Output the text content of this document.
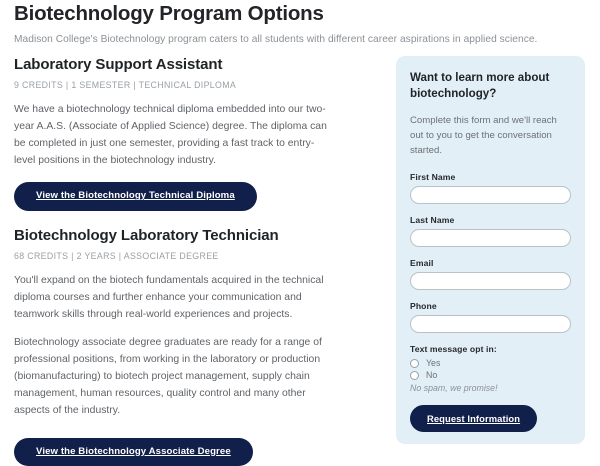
Biotechnology Program Options

Madison College's Biotechnology program caters to all students with different career aspirations in applied science.

Laboratory Support Assistant
9 CREDITS | 1 SEMESTER | TECHNICAL DIPLOMA

We have a biotechnology technical diploma embedded into our two-year A.A.S. (Associate of Applied Science) degree. The diploma can be completed in just one semester, providing a fast track to entry-level positions in the biotechnology industry.

View the Biotechnology Technical Diploma
Biotechnology Laboratory Technician
68 CREDITS | 2 YEARS | ASSOCIATE DEGREE

You'll expand on the biotech fundamentals acquired in the technical diploma courses and further enhance your communication and teamwork skills through real-world experiences and projects.

Biotechnology associate degree graduates are ready for a range of professional positions, from working in the laboratory or production (biomanufacturing) to biotech project management, supply chain management, human resources, quality control and many other aspects of the industry.

View the Biotechnology Associate Degree
Want to learn more about biotechnology?

Complete this form and we'll reach out to you to get the conversation started.

First Name
Last Name
Email
Phone
Text message opt in:
Yes
No

No spam, we promise!

Request Information
